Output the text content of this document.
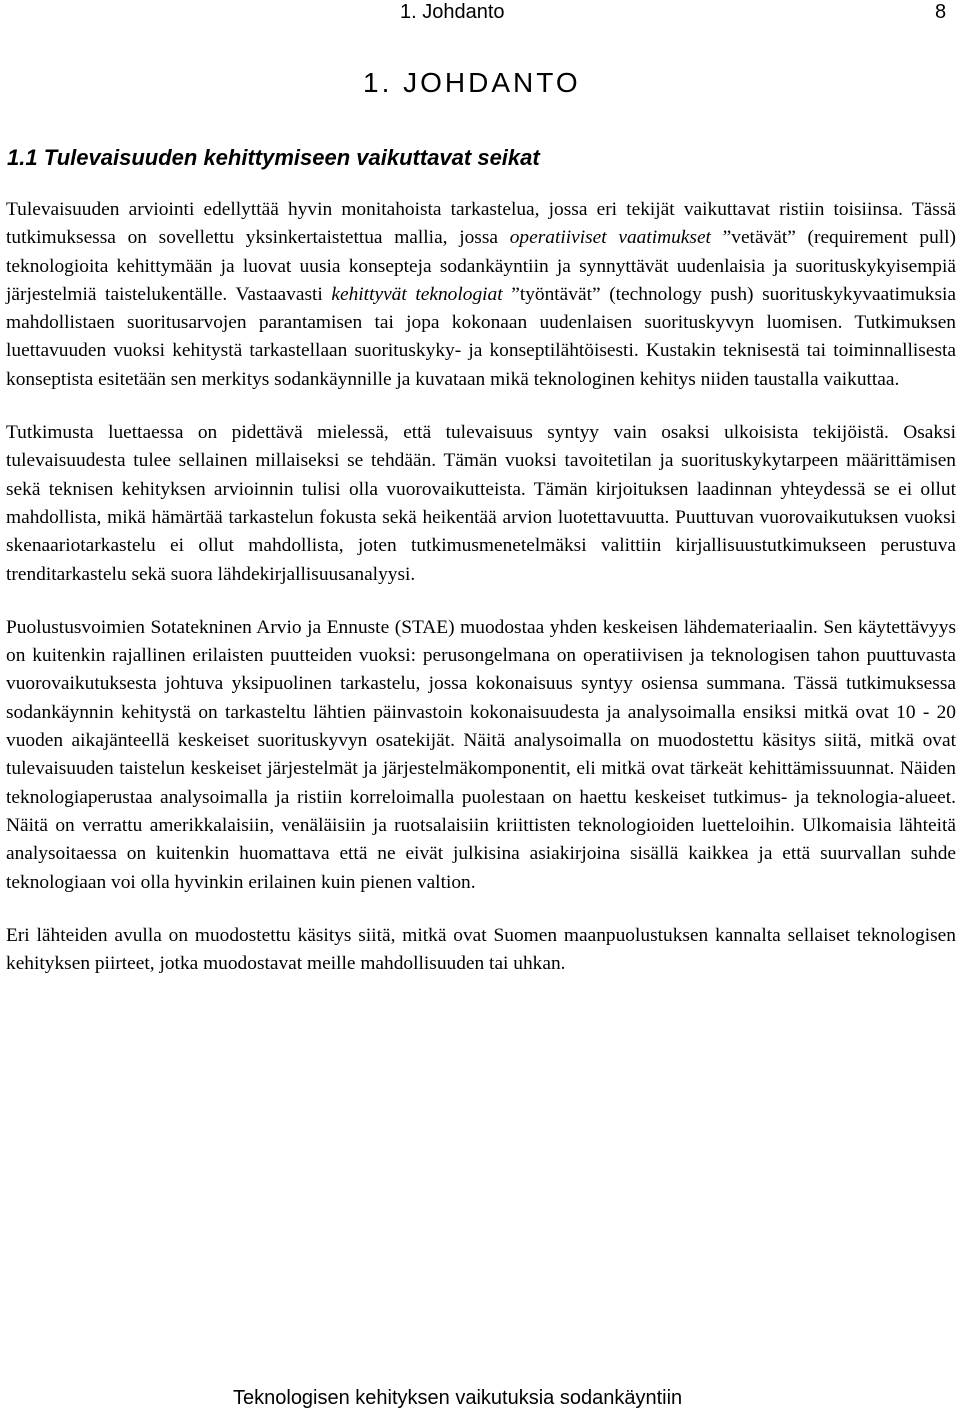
1. Johdanto	8
1. JOHDANTO
1.1 Tulevaisuuden kehittymiseen vaikuttavat seikat

Tulevaisuuden arviointi edellyttää hyvin monitahoista tarkastelua, jossa eri tekijät vaikuttavat ristiin toisiinsa. Tässä tutkimuksessa on sovellettu yksinkertaistettua mallia, jossa operatiiviset vaatimukset ”vetävät” (requirement pull) teknologioita kehittymään ja luovat uusia konsepteja sodankäyntiin ja synnyttävät uudenlaisia ja suorituskykyisempiä järjestelmiä taistelukentälle. Vastaavasti kehittyvät teknologiat ”työntävät” (technology push) suorituskykyvaatimuksia mahdollistaen suoritusarvojen parantamisen tai jopa kokonaan uudenlaisen suorituskyvyn luomisen. Tutkimuksen luettavuuden vuoksi kehitystä tarkastellaan suorituskyky- ja konseptilähtöisesti. Kustakin teknisestä tai toiminnallisesta konseptista esitetään sen merkitys sodankäynnille ja kuvataan mikä teknologinen kehitys niiden taustalla vaikuttaa.

Tutkimusta luettaessa on pidettävä mielessä, että tulevaisuus syntyy vain osaksi ulkoisista tekijöistä. Osaksi tulevaisuudesta tulee sellainen millaiseksi se tehdään. Tämän vuoksi tavoitetilan ja suorituskykytarpeen määrittämisen sekä teknisen kehityksen arvioinnin tulisi olla vuorovaikutteista. Tämän kirjoituksen laadinnan yhteydessä se ei ollut mahdollista, mikä hämärtää tarkastelun fokusta sekä heikentää arvion luotettavuutta. Puuttuvan vuorovaikutuksen vuoksi skenaariotarkastelu ei ollut mahdollista, joten tutkimusmenetelmäksi valittiin kirjallisuustutkimukseen perustuva trenditarkastelu sekä suora lähdekirjallisuusanalyysi.

Puolustusvoimien Sotatekninen Arvio ja Ennuste (STAE) muodostaa yhden keskeisen lähdemateriaalin. Sen käytettävyys on kuitenkin rajallinen erilaisten puutteiden vuoksi: perusongelmana on operatiivisen ja teknologisen tahon puuttuvasta vuorovaikutuksesta johtuva yksipuolinen tarkastelu, jossa kokonaisuus syntyy osiensa summana. Tässä tutkimuksessa sodankäynnin kehitystä on tarkasteltu lähtien päinvastoin kokonaisuudesta ja analysoimalla ensiksi mitkä ovat 10 - 20 vuoden aikajänteellä keskeiset suorituskyvyn osatekijät. Näitä analysoimalla on muodostettu käsitys siitä, mitkä ovat tulevaisuuden taistelun keskeiset järjestelmät ja järjestelmäkomponentit, eli mitkä ovat tärkeät kehittämissuunnat. Näiden teknologiaperustaa analysoimalla ja ristiin korreloimalla puolestaan on haettu keskeiset tutkimus- ja teknologia-alueet. Näitä on verrattu amerikkalaisiin, venäläisiin ja ruotsalaisiin kriittisten teknologioiden luetteloihin. Ulkomaisia lähteitä analysoitaessa on kuitenkin huomattava että ne eivät julkisina asiakirjoina sisällä kaikkea ja että suurvallan suhde teknologiaan voi olla hyvinkin erilainen kuin pienen valtion.

Eri lähteiden avulla on muodostettu käsitys siitä, mitkä ovat Suomen maanpuolustuksen kannalta sellaiset teknologisen kehityksen piirteet, jotka muodostavat meille mahdollisuuden tai uhkan.

Teknologisen kehityksen vaikutuksia sodankäyntiin
